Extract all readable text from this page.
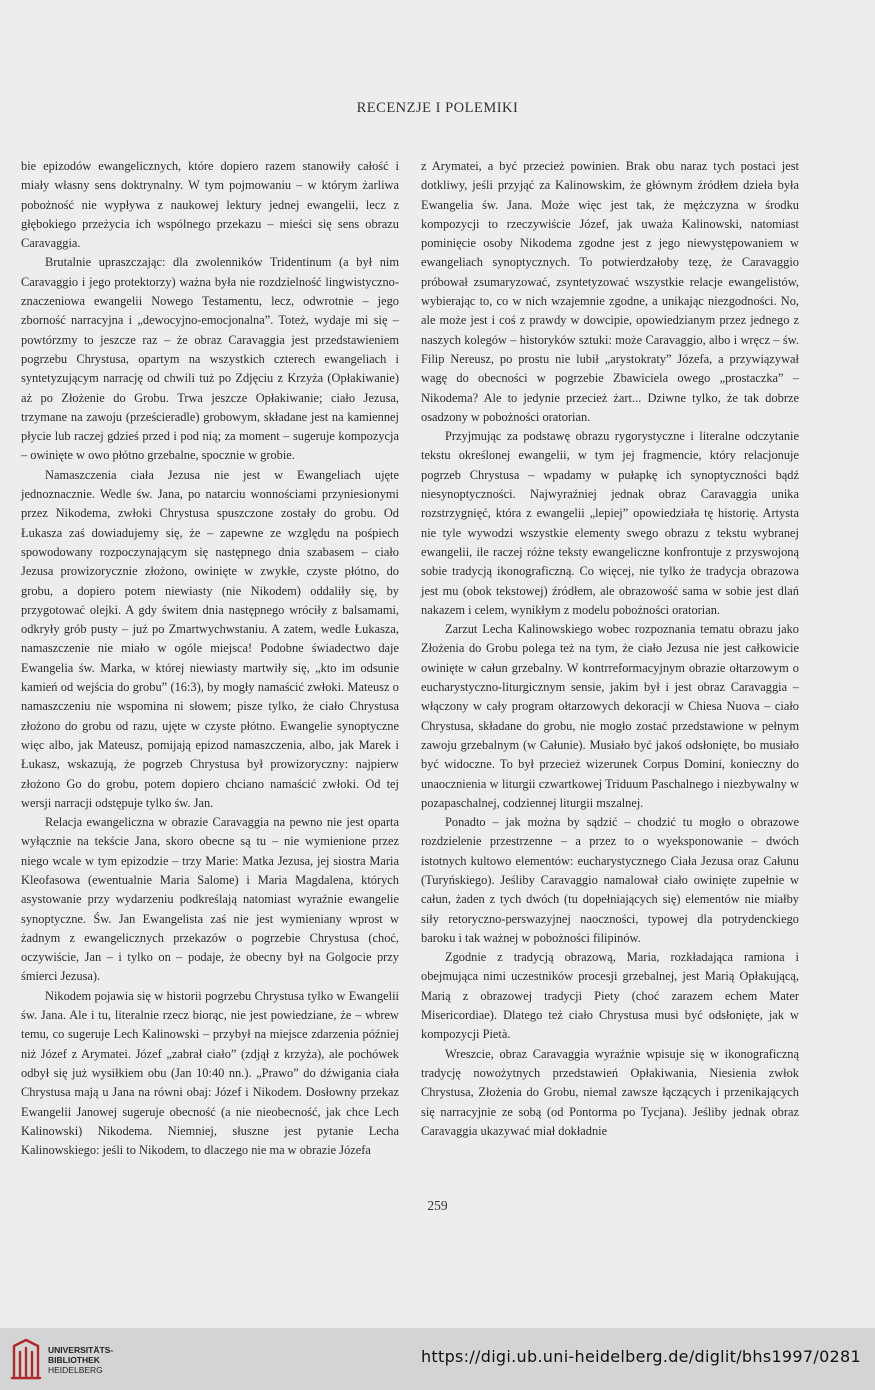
RECENZJE I POLEMIKI

bie epizodów ewangelicznych, które dopiero razem stanowiły całość i miały własny sens doktrynalny. W tym pojmowaniu – w którym żarliwa pobożność nie wypływa z naukowej lektury jednej ewangelii, lecz z głębokiego przeżycia ich wspólnego przekazu – mieści się sens obrazu Caravaggia.

Brutalnie upraszczając: dla zwolenników Tridentinum (a był nim Caravaggio i jego protektorzy) ważna była nie rozdzielność lingwistyczno-znaczeniowa ewangelii Nowego Testamentu, lecz, odwrotnie – jego zborność narracyjna i „dewocyjno-emocjonalna”. Toteż, wydaje mi się – powtórzmy to jeszcze raz – że obraz Caravaggia jest przedstawieniem pogrzebu Chrystusa, opartym na wszystkich czterech ewangeliach i syntetyzującym narrację od chwili tuż po Zdjęciu z Krzyża (Opłakiwanie) aż po Złożenie do Grobu. Trwa jeszcze Opłakiwanie; ciało Jezusa, trzymane na zawoju (prześcieradle) grobowym, składane jest na kamiennej płycie lub raczej gdzieś przed i pod nią; za moment – sugeruje kompozycja – owinięte w owo płótno grzebalne, spocznie w grobie.

Namaszczenia ciała Jezusa nie jest w Ewangeliach ujęte jednoznacznie. Wedle św. Jana, po natarciu wonnościami przyniesionymi przez Nikodema, zwłoki Chrystusa spuszczone zostały do grobu. Od Łukasza zaś dowiadujemy się, że – zapewne ze względu na pośpiech spowodowany rozpoczynającym się następnego dnia szabasem – ciało Jezusa prowizorycznie złożono, owinięte w zwykłe, czyste płótno, do grobu, a dopiero potem niewiasty (nie Nikodem) oddaliły się, by przygotować olejki. A gdy świtem dnia następnego wróciły z balsamami, odkryły grób pusty – już po Zmartwychwstaniu. A zatem, wedle Łukasza, namaszczenie nie miało w ogóle miejsca! Podobne świadectwo daje Ewangelia św. Marka, w której niewiasty martwiły się, „kto im odsunie kamień od wejścia do grobu” (16:3), by mogły namaścić zwłoki. Mateusz o namaszczeniu nie wspomina ni słowem; pisze tylko, że ciało Chrystusa złożono do grobu od razu, ujęte w czyste płótno. Ewangelie synoptyczne więc albo, jak Mateusz, pomijają epizod namaszczenia, albo, jak Marek i Łukasz, wskazują, że pogrzeb Chrystusa był prowizoryczny: najpierw złożono Go do grobu, potem dopiero chciano namaścić zwłoki. Od tej wersji narracji odstępuje tylko św. Jan.

Relacja ewangeliczna w obrazie Caravaggia na pewno nie jest oparta wyłącznie na tekście Jana, skoro obecne są tu – nie wymienione przez niego wcale w tym epizodzie – trzy Marie: Matka Jezusa, jej siostra Maria Kleofasowa (ewentualnie Maria Salome) i Maria Magdalena, których asystowanie przy wydarzeniu podkreślają natomiast wyraźnie ewangelie synoptyczne. Św. Jan Ewangelista zaś nie jest wymieniany wprost w żadnym z ewangelicznych przekazów o pogrzebie Chrystusa (choć, oczywiście, Jan – i tylko on – podaje, że obecny był na Golgocie przy śmierci Jezusa).

Nikodem pojawia się w historii pogrzebu Chrystusa tylko w Ewangelii św. Jana. Ale i tu, literalnie rzecz biorąc, nie jest powiedziane, że – wbrew temu, co sugeruje Lech Kalinowski – przybył na miejsce zdarzenia później niż Józef z Arymatei. Józef „zabrał ciało” (zdjął z krzyża), ale pochówek odbył się już wysiłkiem obu (Jan 10:40 nn.). „Prawo” do dźwigania ciała Chrystusa mają u Jana na równi obaj: Józef i Nikodem. Dosłowny przekaz Ewangelii Janowej sugeruje obecność (a nie nieobecność, jak chce Lech Kalinowski) Nikodema. Niemniej, słuszne jest pytanie Lecha Kalinowskiego: jeśli to Nikodem, to dlaczego nie ma w obrazie Józefa

z Arymatei, a być przecież powinien. Brak obu naraz tych postaci jest dotkliwy, jeśli przyjąć za Kalinowskim, że głównym źródłem dzieła była Ewangelia św. Jana. Może więc jest tak, że mężczyzna w środku kompozycji to rzeczywiście Józef, jak uważa Kalinowski, natomiast pominięcie osoby Nikodema zgodne jest z jego niewystępowaniem w ewangeliach synoptycznych. To potwierdzałoby tezę, że Caravaggio próbował zsumaryzować, zsyntetyzować wszystkie relacje ewangelistów, wybierając to, co w nich wzajemnie zgodne, a unikając niezgodności. No, ale może jest i coś z prawdy w dowcipie, opowiedzianym przez jednego z naszych kolegów – historyków sztuki: może Caravaggio, albo i wręcz – św. Filip Nereusz, po prostu nie lubił „arystokraty” Józefa, a przywiązywał wagę do obecności w pogrzebie Zbawiciela owego „prostaczka” – Nikodema? Ale to jedynie przecież żart... Dziwne tylko, że tak dobrze osadzony w pobożności oratorian.

Przyjmując za podstawę obrazu rygorystyczne i literalne odczytanie tekstu określonej ewangelii, w tym jej fragmencie, który relacjonuje pogrzeb Chrystusa – wpadamy w pułapkę ich synoptyczności bądź niesynoptyczności. Najwyraźniej jednak obraz Caravaggia unika rozstrzygnięć, która z ewangelii „lepiej” opowiedziała tę historię. Artysta nie tyle wywodzi wszystkie elementy swego obrazu z tekstu wybranej ewangelii, ile raczej różne teksty ewangeliczne konfrontuje z przyswojoną sobie tradycją ikonograficzną. Co więcej, nie tylko że tradycja obrazowa jest mu (obok tekstowej) źródłem, ale obrazowość sama w sobie jest dlań nakazem i celem, wynikłym z modelu pobożności oratorian.

Zarzut Lecha Kalinowskiego wobec rozpoznania tematu obrazu jako Złożenia do Grobu polega też na tym, że ciało Jezusa nie jest całkowicie owinięte w całun grzebalny. W kontrreformacyjnym obrazie ołtarzowym o eucharystyczno-liturgicznym sensie, jakim był i jest obraz Caravaggia – włączony w cały program ołtarzowych dekoracji w Chiesa Nuova – ciało Chrystusa, składane do grobu, nie mogło zostać przedstawione w pełnym zawoju grzebalnym (w Całunie). Musiało być jakoś odsłonięte, bo musiało być widoczne. To był przecież wizerunek Corpus Domini, konieczny do unaocznienia w liturgii czwartkowej Triduum Paschalnego i niezbywalny w pozapaschalnej, codziennej liturgii mszalnej.

Ponadto – jak można by sądzić – chodzić tu mogło o obrazowe rozdzielenie przestrzenne – a przez to o wyeksponowanie – dwóch istotnych kultowo elementów: eucharystycznego Ciała Jezusa oraz Całunu (Turyńskiego). Jeśliby Caravaggio namalował ciało owinięte zupełnie w całun, żaden z tych dwóch (tu dopełniających się) elementów nie miałby siły retoryczno-perswazyjnej naoczności, typowej dla potrydenckiego baroku i tak ważnej w pobożności filipinów.

Zgodnie z tradycją obrazową, Maria, rozkładająca ramiona i obejmująca nimi uczestników procesji grzebalnej, jest Marią Opłakującą, Marią z obrazowej tradycji Piety (choć zarazem echem Mater Misericordiae). Dlatego też ciało Chrystusa musi być odsłonięte, jak w kompozycji Pietà.

Wreszcie, obraz Caravaggia wyraźnie wpisuje się w ikonograficzną tradycję nowożytnych przedstawień Opłakiwania, Niesienia zwłok Chrystusa, Złożenia do Grobu, niemal zawsze łączących i przenikających się narracyjnie ze sobą (od Pontorma po Tycjana). Jeśliby jednak obraz Caravaggia ukazywać miał dokładnie

259
UNIVERSITÄTS-
BIBLIOTHEK
HEIDELBERG
https://digi.ub.uni-heidelberg.de/diglit/bhs1997/0281
